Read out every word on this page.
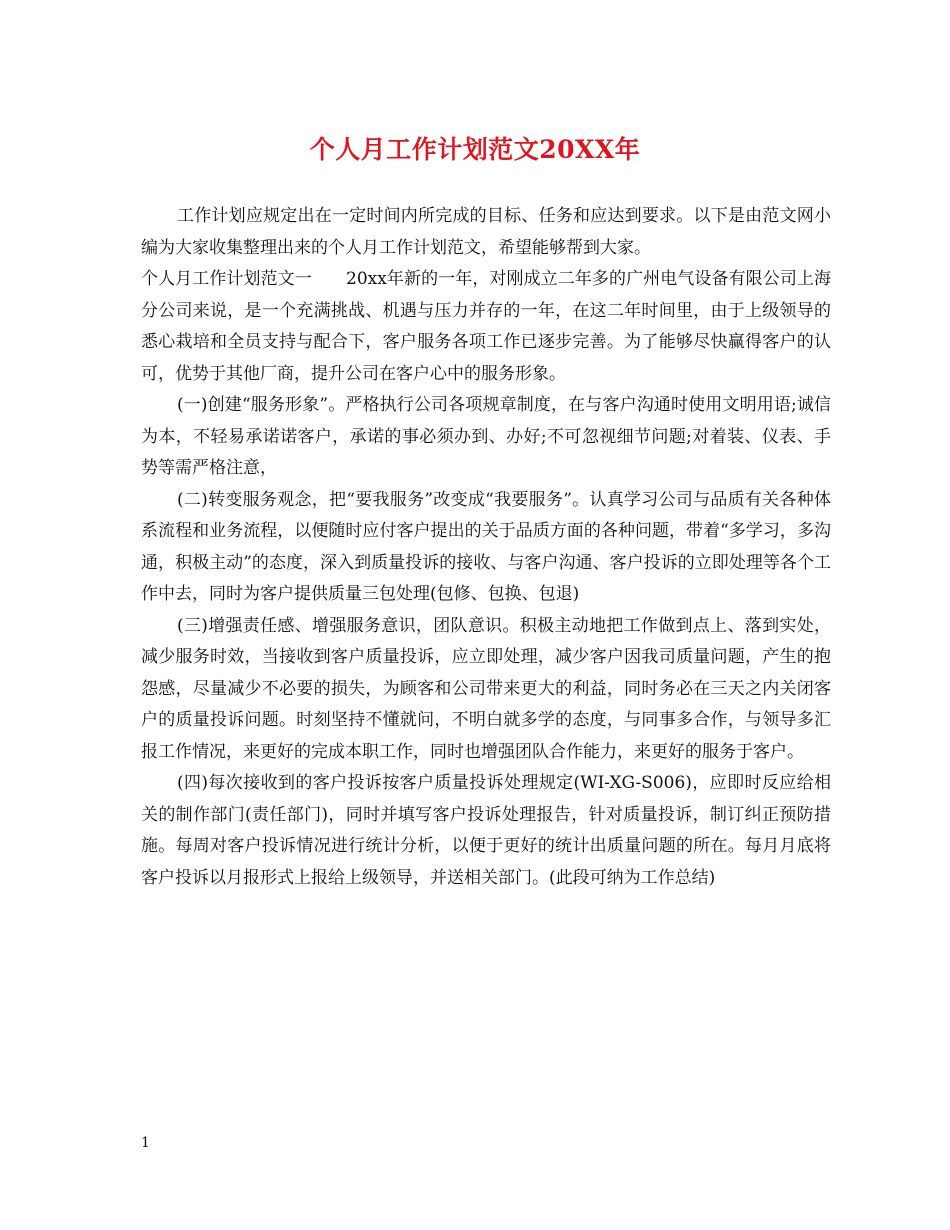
个人月工作计划范文20XX年

工作计划应规定出在一定时间内所完成的目标、任务和应达到要求。以下是由范文网小编为大家收集整理出来的个人月工作计划范文，希望能够帮到大家。

个人月工作计划范文一　　20xx年新的一年，对刚成立二年多的广州电气设备有限公司上海分公司来说，是一个充满挑战、机遇与压力并存的一年，在这二年时间里，由于上级领导的悉心栽培和全员支持与配合下，客户服务各项工作已逐步完善。为了能够尽快赢得客户的认可，优势于其他厂商，提升公司在客户心中的服务形象。

(一)创建“服务形象”。严格执行公司各项规章制度，在与客户沟通时使用文明用语;诚信为本，不轻易承诺诺客户，承诺的事必须办到、办好;不可忽视细节问题;对着装、仪表、手势等需严格注意，

(二)转变服务观念，把“要我服务”改变成“我要服务”。认真学习公司与品质有关各种体系流程和业务流程，以便随时应付客户提出的关于品质方面的各种问题，带着“多学习，多沟通，积极主动”的态度，深入到质量投诉的接收、与客户沟通、客户投诉的立即处理等各个工作中去，同时为客户提供质量三包处理(包修、包换、包退)

(三)增强责任感、增强服务意识，团队意识。积极主动地把工作做到点上、落到实处，减少服务时效，当接收到客户质量投诉，应立即处理，减少客户因我司质量问题，产生的抱怨感，尽量减少不必要的损失，为顾客和公司带来更大的利益，同时务必在三天之内关闭客户的质量投诉问题。时刻坚持不懂就问，不明白就多学的态度，与同事多合作，与领导多汇报工作情况，来更好的完成本职工作，同时也增强团队合作能力，来更好的服务于客户。

(四)每次接收到的客户投诉按客户质量投诉处理规定(WI-XG-S006)，应即时反应给相关的制作部门(责任部门)，同时并填写客户投诉处理报告，针对质量投诉，制订纠正预防措施。每周对客户投诉情况进行统计分析，以便于更好的统计出质量问题的所在。每月月底将客户投诉以月报形式上报给上级领导，并送相关部门。(此段可纳为工作总结)

1
